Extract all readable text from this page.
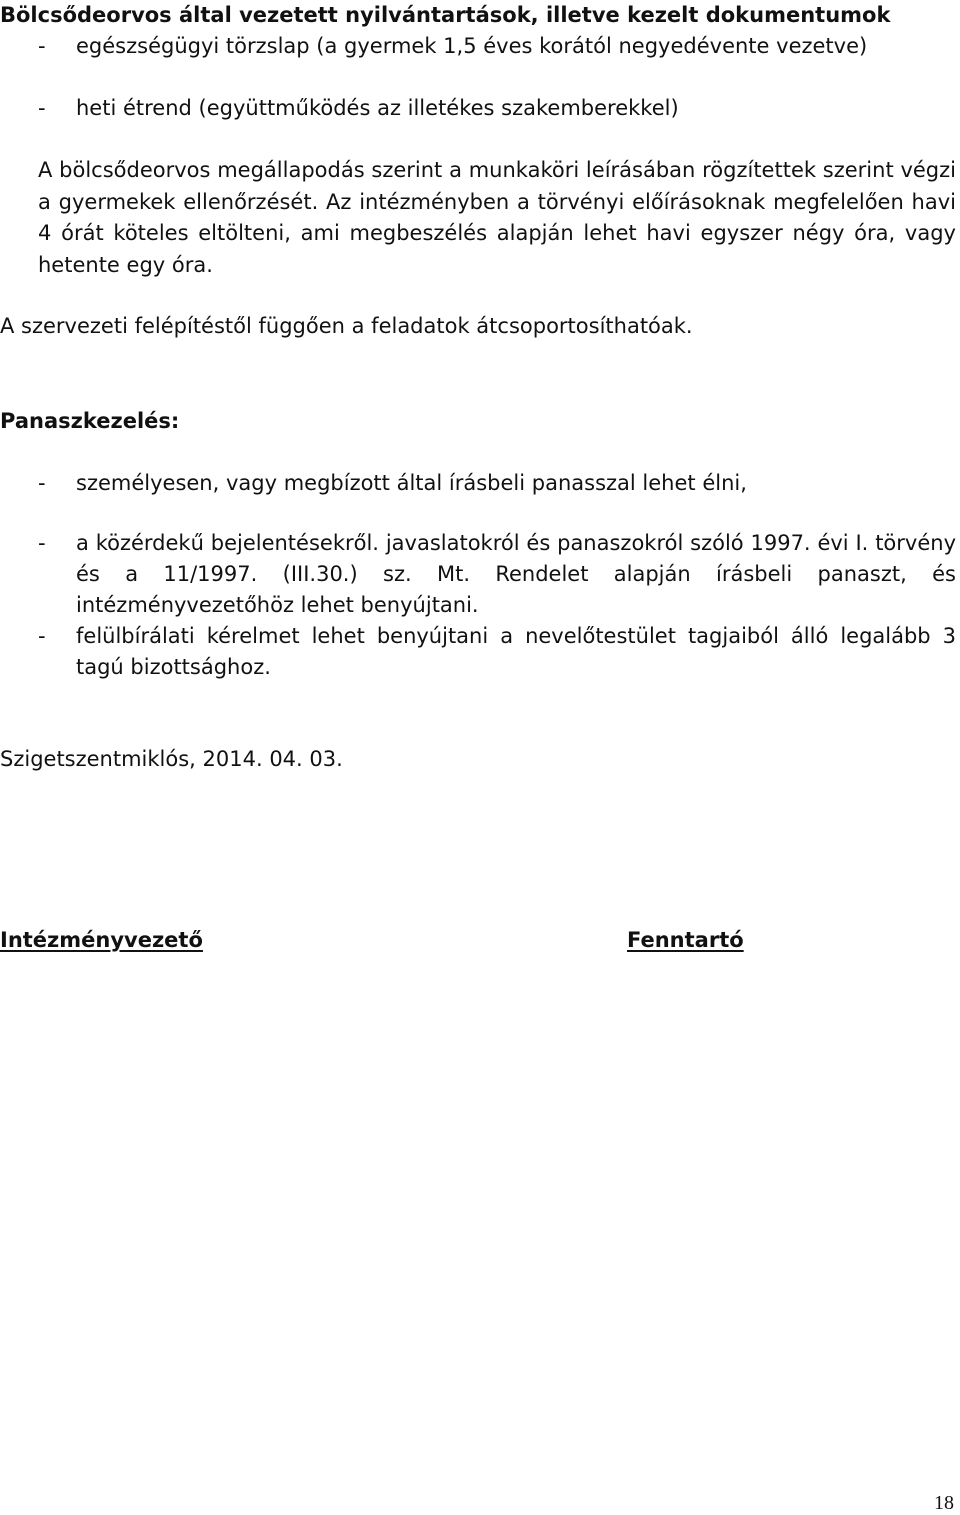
Bölcsődeorvos által vezetett nyilvántartások, illetve kezelt dokumentumok
- egészségügyi törzslap (a gyermek 1,5 éves korától negyedévente vezetve)
- heti étrend (együttműködés az illetékes szakemberekkel)
A bölcsődeorvos megállapodás szerint a munkaköri leírásában rögzítettek szerint végzi a gyermekek ellenőrzését. Az intézményben a törvényi előírásoknak megfelelően havi 4 órát köteles eltölteni, ami megbeszélés alapján lehet havi egyszer négy óra, vagy hetente egy óra.
A szervezeti felépítéstől függően a feladatok átcsoportosíthatóak.
Panaszkezelés:
- személyesen, vagy megbízott által írásbeli panasszal lehet élni,
- a közérdekű bejelentésekről. javaslatokról és panaszokról szóló 1997. évi I. törvény és a 11/1997. (III.30.) sz. Mt. Rendelet alapján írásbeli panaszt, és intézményvezetőhöz lehet benyújtani.
- felülbírálati kérelmet lehet benyújtani a nevelőtestület tagjaiból álló legalább 3 tagú bizottsághoz.
Szigetszentmiklós, 2014. 04. 03.
Intézményvezető	Fenntartó
18
